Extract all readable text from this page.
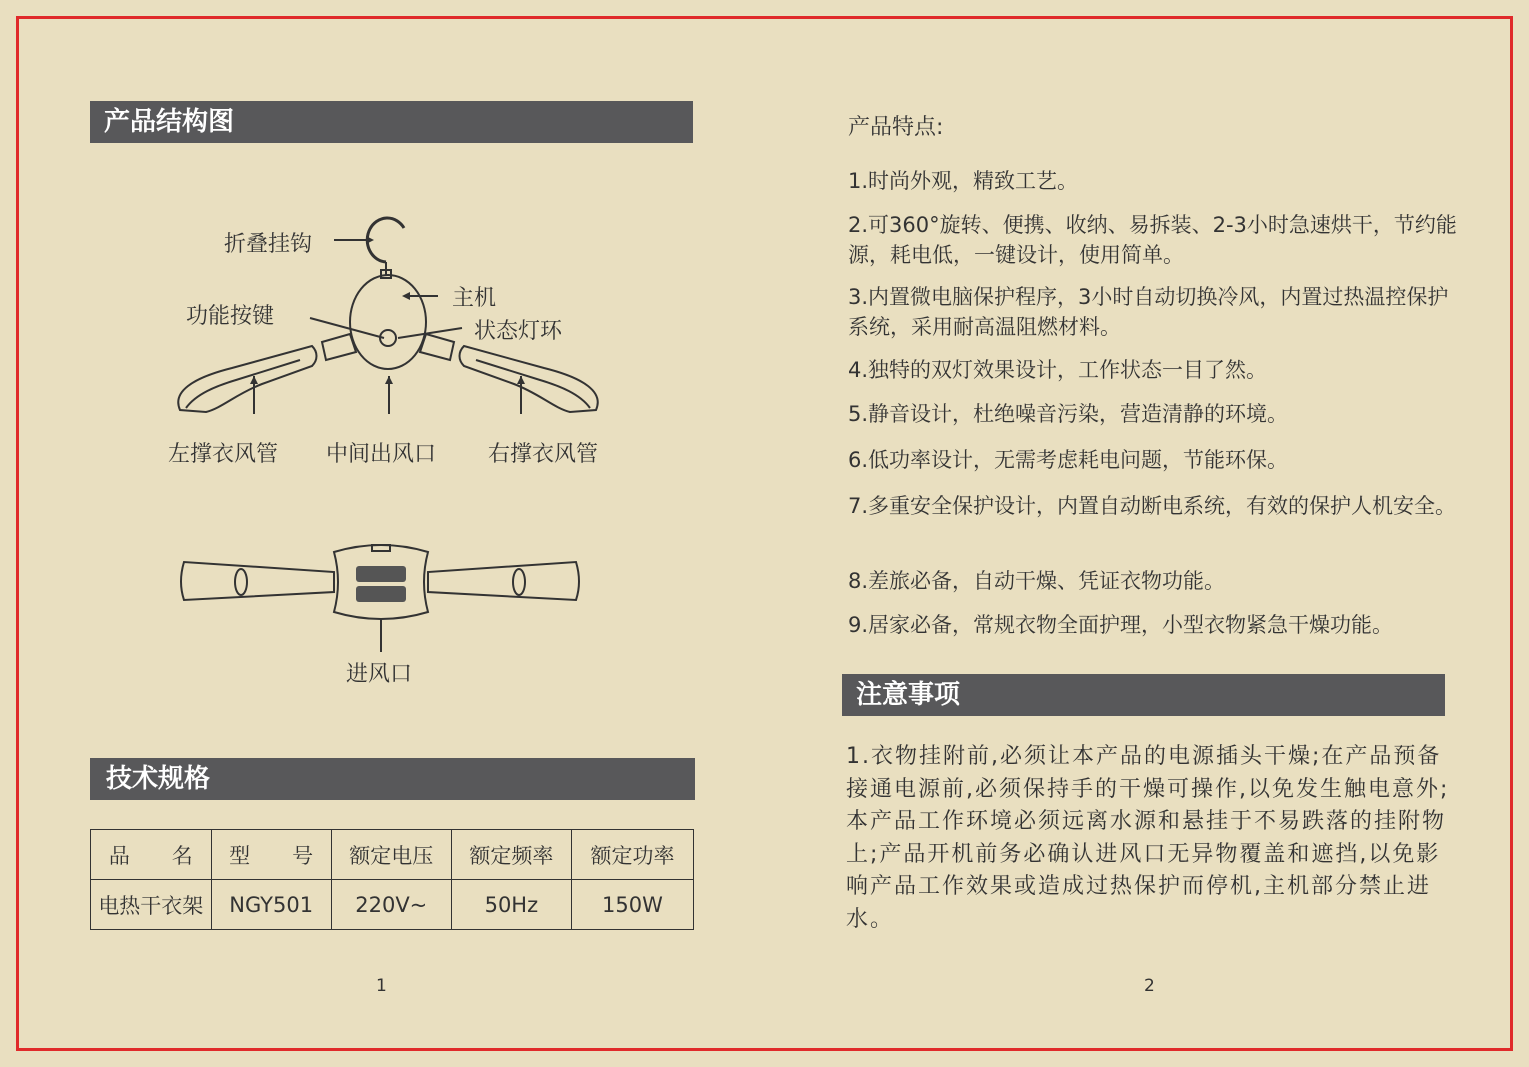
产品结构图
折叠挂钩
主机
功能按键
状态灯环
左撑衣风管 中间出风口 右撑衣风管
进风口
技术规格
品　　名	型　　号	额定电压	额定频率	额定功率
电热干衣架	NGY501	220V~	50Hz	150W
1
产品特点:
1.时尚外观，精致工艺。
2.可360°旋转、便携、收纳、易拆装、2-3小时急速烘干，节约能源，耗电低，一键设计，使用简单。
3.内置微电脑保护程序，3小时自动切换冷风，内置过热温控保护系统，采用耐高温阻燃材料。
4.独特的双灯效果设计，工作状态一目了然。
5.静音设计，杜绝噪音污染，营造清静的环境。
6.低功率设计，无需考虑耗电问题，节能环保。
7.多重安全保护设计，内置自动断电系统，有效的保护人机安全。
8.差旅必备，自动干燥、凭证衣物功能。
9.居家必备，常规衣物全面护理，小型衣物紧急干燥功能。
注意事项
1.衣物挂附前,必须让本产品的电源插头干燥;在产品预备接通电源前,必须保持手的干燥可操作,以免发生触电意外;本产品工作环境必须远离水源和悬挂于不易跌落的挂附物上;产品开机前务必确认进风口无异物覆盖和遮挡,以免影响产品工作效果或造成过热保护而停机,主机部分禁止进水。
2
